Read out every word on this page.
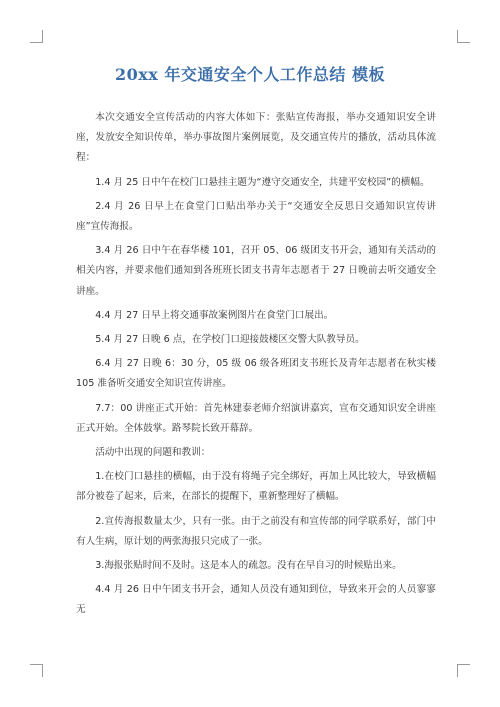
20xx 年交通安全个人工作总结 模板

本次交通安全宣传活动的内容大体如下：张贴宣传海报，举办交通知识安全讲座，发放安全知识传单，举办事故图片案例展览，及交通宣传片的播放，活动具体流程：

1.4 月 25 日中午在校门口悬挂主题为“遵守交通安全，共建平安校园”的横幅。

2.4 月 26 日早上在食堂门口贴出举办关于“交通安全反思日交通知识宣传讲座”宣传海报。

3.4 月 26 日中午在春华楼 101，召开 05、06 级团支书开会，通知有关活动的相关内容，并要求他们通知到各班班长团支书青年志愿者于 27 日晚前去听交通安全讲座。

4.4 月 27 日早上将交通事故案例图片在食堂门口展出。

5.4 月 27 日晚 6 点，在学校门口迎接鼓楼区交警大队教导员。

6.4 月 27 日晚 6：30 分，05 级 06 级各班团支书班长及青年志愿者在秋实楼 105 准备听交通安全知识宣传讲座。

7.7：00 讲座正式开始：首先林建泰老师介绍演讲嘉宾，宣布交通知识安全讲座正式开始。全体鼓掌。路琴院长致开幕辞。

活动中出现的问题和教训：

1.在校门口悬挂的横幅，由于没有将绳子完全绑好，再加上风比较大，导致横幅部分被卷了起来，后来，在部长的提醒下，重新整理好了横幅。

2.宣传海报数量太少，只有一张。由于之前没有和宣传部的同学联系好，部门中有人生病，原计划的两张海报只完成了一张。

3.海报张贴时间不及时。这是本人的疏忽。没有在早自习的时候贴出来。

4.4 月 26 日中午团支书开会，通知人员没有通知到位，导致来开会的人员寥寥无
